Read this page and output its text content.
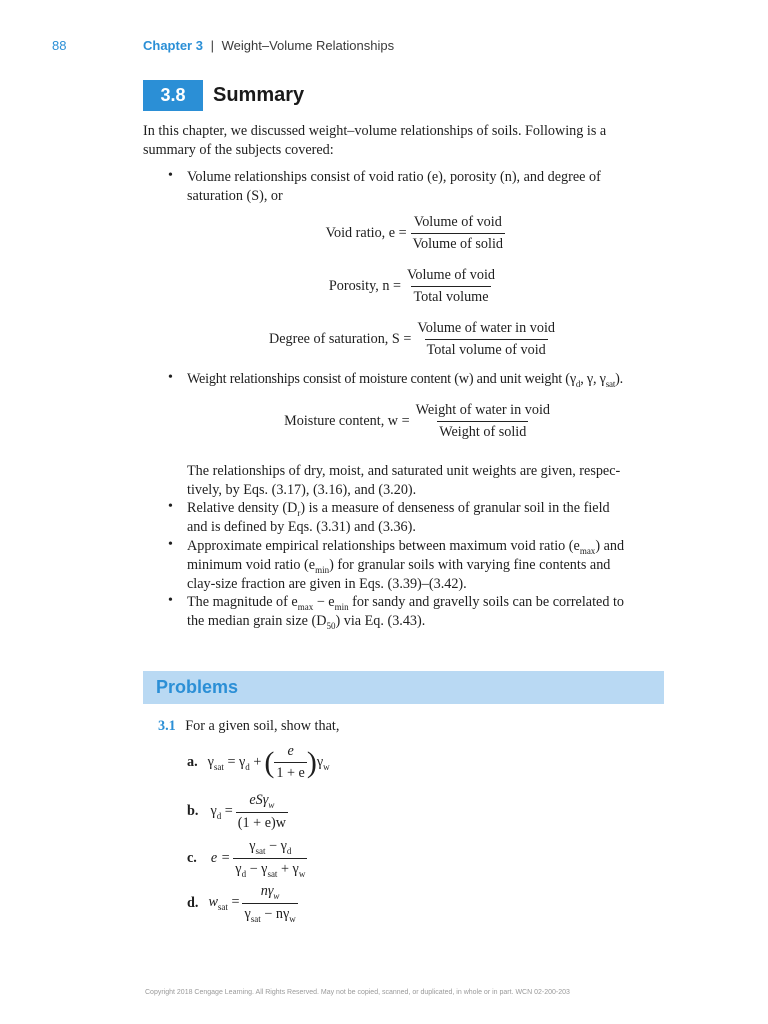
88	Chapter 3 | Weight–Volume Relationships
3.8	Summary
In this chapter, we discussed weight–volume relationships of soils. Following is a
summary of the subjects covered:
• Volume relationships consist of void ratio (e), porosity (n), and degree of
saturation (S), or
Void ratio, $e = \frac{\text{Volume of void}}{\text{Volume of solid}}$
Porosity, $n = \frac{\text{Volume of void}}{\text{Total volume}}$
Degree of saturation, $S = \frac{\text{Volume of water in void}}{\text{Total volume of void}}$
• Weight relationships consist of moisture content (w) and unit weight ($\gamma_d$, γ, $\gamma_{sat}$).
Moisture content, $w = \frac{\text{Weight of water in void}}{\text{Weight of solid}}$
The relationships of dry, moist, and saturated unit weights are given, respec-
tively, by Eqs. (3.17), (3.16), and (3.20).
• Relative density $(D_r)$ is a measure of denseness of granular soil in the field
and is defined by Eqs. (3.31) and (3.36).
• Approximate empirical relationships between maximum void ratio $(e_{max})$ and
minimum void ratio $(e_{min})$ for granular soils with varying fine contents and
clay-size fraction are given in Eqs. (3.39)–(3.42).
• The magnitude of $e_{max} - e_{min}$ for sandy and gravelly soils can be correlated to
the median grain size $(D_{50})$ via Eq. (3.43).
Problems
3.1 For a given soil, show that,
a. $\gamma_{sat} = \gamma_d$ + ( $\frac{e}{1 + e}$ ) $\gamma_w$
b. $\gamma_d = \frac{eS\gamma_w}{(1 + e)w}$
c. $e = \frac{\gamma_{sat} - \gamma_d}{\gamma_d - \gamma_{sat} + \gamma_w}$
d. $w_{sat} = \frac{n\gamma_w}{\gamma_{sat} - n\gamma_w}$
Copyright 2018 Cengage Learning. All Rights Reserved. May not be copied, scanned, or duplicated, in whole or in part. WCN 02-200-203
